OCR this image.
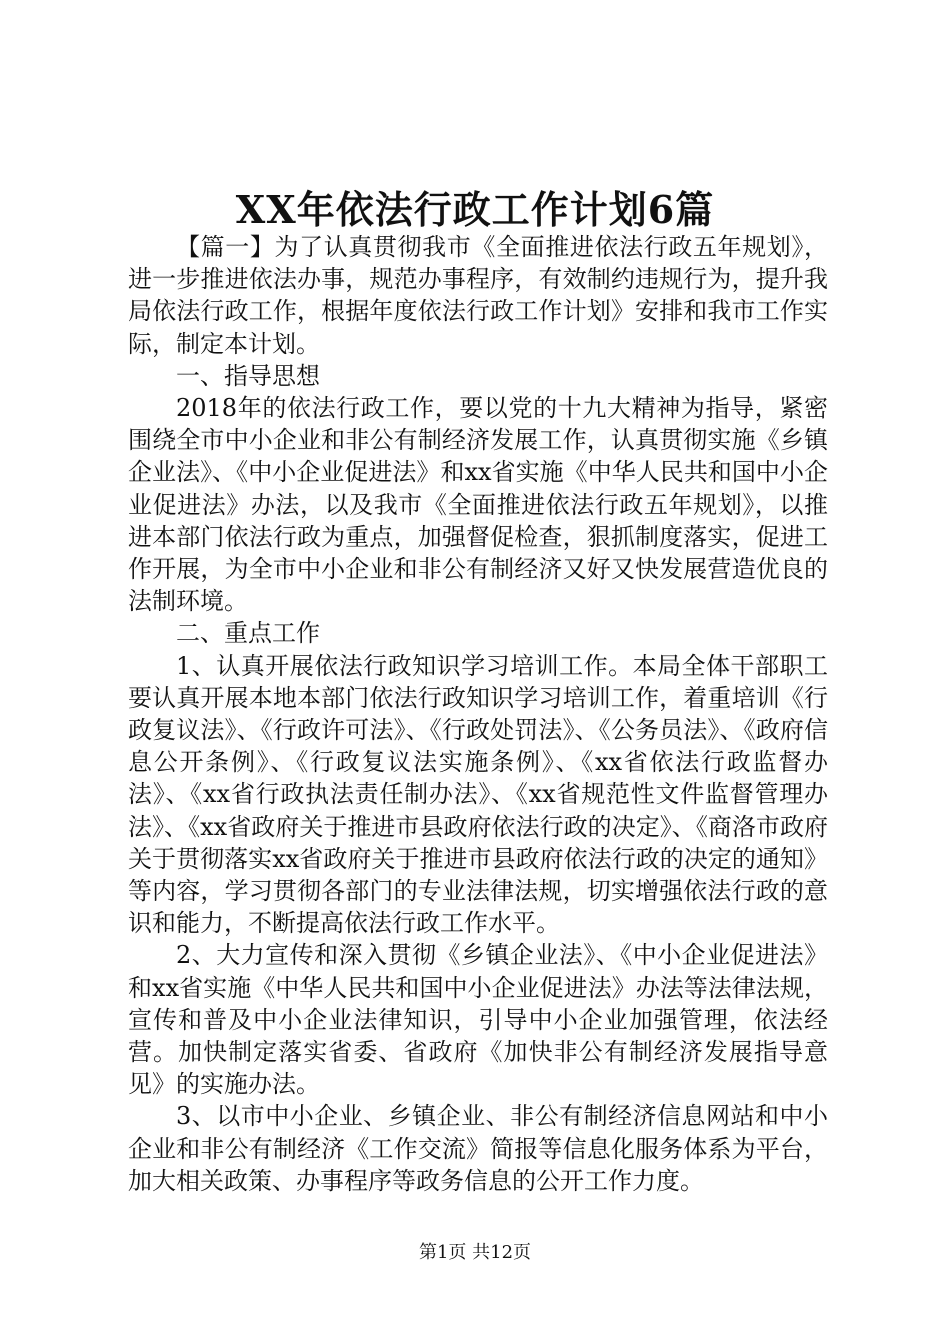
XX年依法行政工作计划6篇

【篇一】为了认真贯彻我市《全面推进依法行政五年规划》，进一步推进依法办事，规范办事程序，有效制约违规行为，提升我局依法行政工作，根据年度依法行政工作计划》安排和我市工作实际，制定本计划。

一、指导思想

2018年的依法行政工作，要以党的十九大精神为指导，紧密围绕全市中小企业和非公有制经济发展工作，认真贯彻实施《乡镇企业法》、《中小企业促进法》和xx省实施《中华人民共和国中小企业促进法》办法，以及我市《全面推进依法行政五年规划》，以推进本部门依法行政为重点，加强督促检查，狠抓制度落实，促进工作开展，为全市中小企业和非公有制经济又好又快发展营造优良的法制环境。

二、重点工作

1、认真开展依法行政知识学习培训工作。本局全体干部职工要认真开展本地本部门依法行政知识学习培训工作，着重培训《行政复议法》、《行政许可法》、《行政处罚法》、《公务员法》、《政府信息公开条例》、《行政复议法实施条例》、《xx省依法行政监督办法》、《xx省行政执法责任制办法》、《xx省规范性文件监督管理办法》、《xx省政府关于推进市县政府依法行政的决定》、《商洛市政府关于贯彻落实xx省政府关于推进市县政府依法行政的决定的通知》等内容，学习贯彻各部门的专业法律法规，切实增强依法行政的意识和能力，不断提高依法行政工作水平。

2、大力宣传和深入贯彻《乡镇企业法》、《中小企业促进法》和xx省实施《中华人民共和国中小企业促进法》办法等法律法规，宣传和普及中小企业法律知识，引导中小企业加强管理，依法经营。加快制定落实省委、省政府《加快非公有制经济发展指导意见》的实施办法。

3、以市中小企业、乡镇企业、非公有制经济信息网站和中小企业和非公有制经济《工作交流》简报等信息化服务体系为平台，加大相关政策、办事程序等政务信息的公开工作力度。

第1页 共12页
